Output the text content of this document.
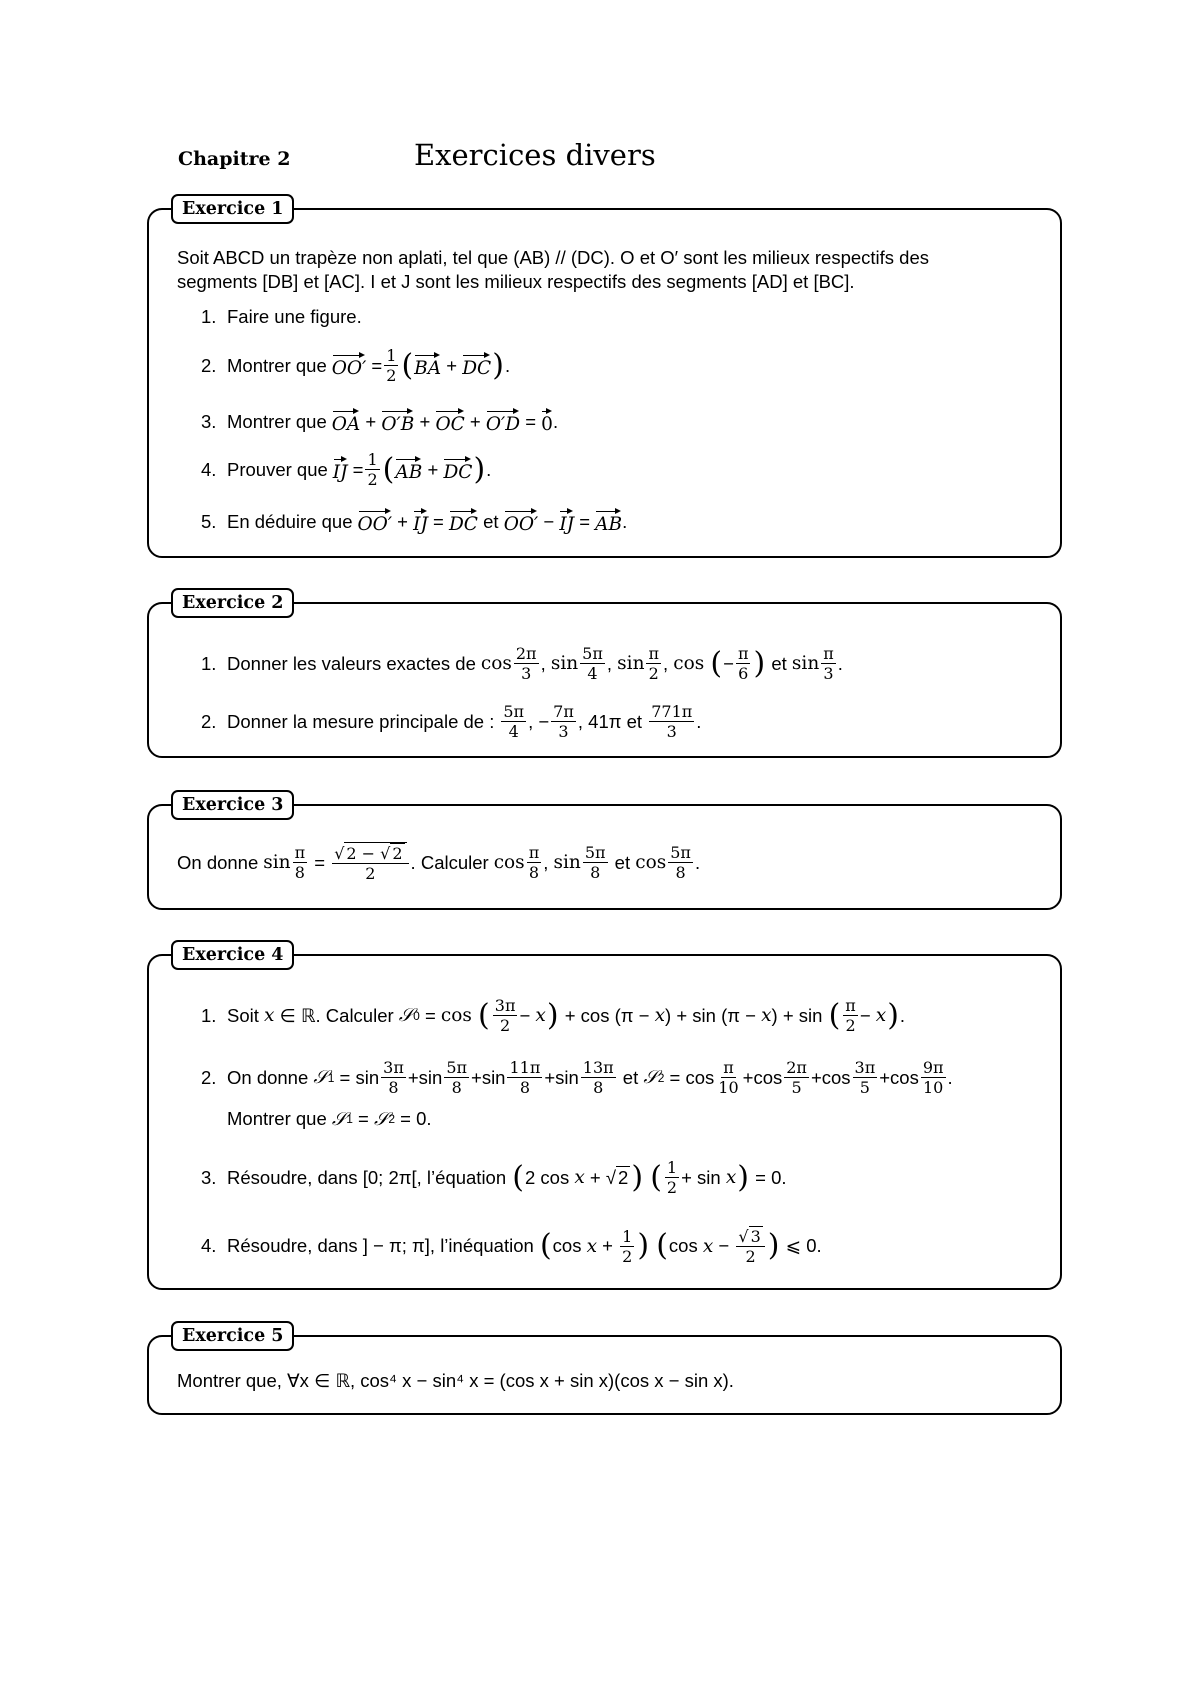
Chapitre 2	Exercices divers
Exercice 1
Soit ABCD un trapèze non aplati, tel que (AB) // (DC). O et O′ sont les milieux respectifs des
segments [DB] et [AC]. I et J sont les milieux respectifs des segments [AD] et [BC].
1. Faire une figure.
2. Montrer que $OO' = \frac{1}{2}$ ( BA + DC ) .
3. Montrer que OA + O′B + OC + O′D = 0 .
4. Prouver que IJ = $\frac{1}{2}$ ( AB + DC ) .
5. En déduire que OO′ + IJ = DC et OO′ − IJ = AB .
Exercice 2
1. Donner les valeurs exactes de $\cos \frac{2\pi}{3}$ , $\sin \frac{5\pi}{4}$ , $\sin \frac{\pi}{2}$ , cos
( − $\frac{\pi}{6}$ ) et $\sin \frac{\pi}{3}$ .
2. Donner la mesure principale de : $\frac{5\pi}{4}$ , − $\frac{7\pi}{3}$ , 41π et $\frac{771\pi}{3}$ .
Exercice 3
On donne $\sin \frac{\pi}{8} = \frac{√ 2 - √ 2}{2}$ . Calculer $\cos \frac{\pi}{8}$ , $\sin \frac{5\pi}{8}$ et $\cos \frac{5\pi}{8}$ .
Exercice 4
1. Soit
x ∈ ℝ. Calculer 𝒮 0 = cos
( $\frac{3\pi}{2} - x$ ) + cos (π − x ) + sin (π − x ) + sin ( $\frac{\pi}{2} - x$ ) .
2. On donne
𝒮 $1 = \sin \frac{3\pi}{8} +\sin \frac{5\pi}{8} +\sin \frac{11\pi}{8} +\sin \frac{13\pi}{8}$ et 𝒮 $2 = \cos \frac{\pi}{10} +\cos \frac{2\pi}{5} +\cos \frac{3\pi}{5} +\cos \frac{9\pi}{10}$ .
Montrer que
𝒮 1 = 𝒮 2 = 0.
3. Résoudre, dans [0; 2π[, l’équation
( 2 cos x + √ 2 )
( $\frac{1}{2} + \sin x$ ) = 0.
4. Résoudre, dans ] − π; π], l’inéquation
( $\cos x + \frac{1}{2}$ )
( $\cos x - \frac{√ 3}{2}$ ) ⩽ 0.
Exercice 5
Montrer que, ∀x ∈ ℝ, cos⁴ x − sin⁴ x = (cos x + sin x)(cos x − sin x).
